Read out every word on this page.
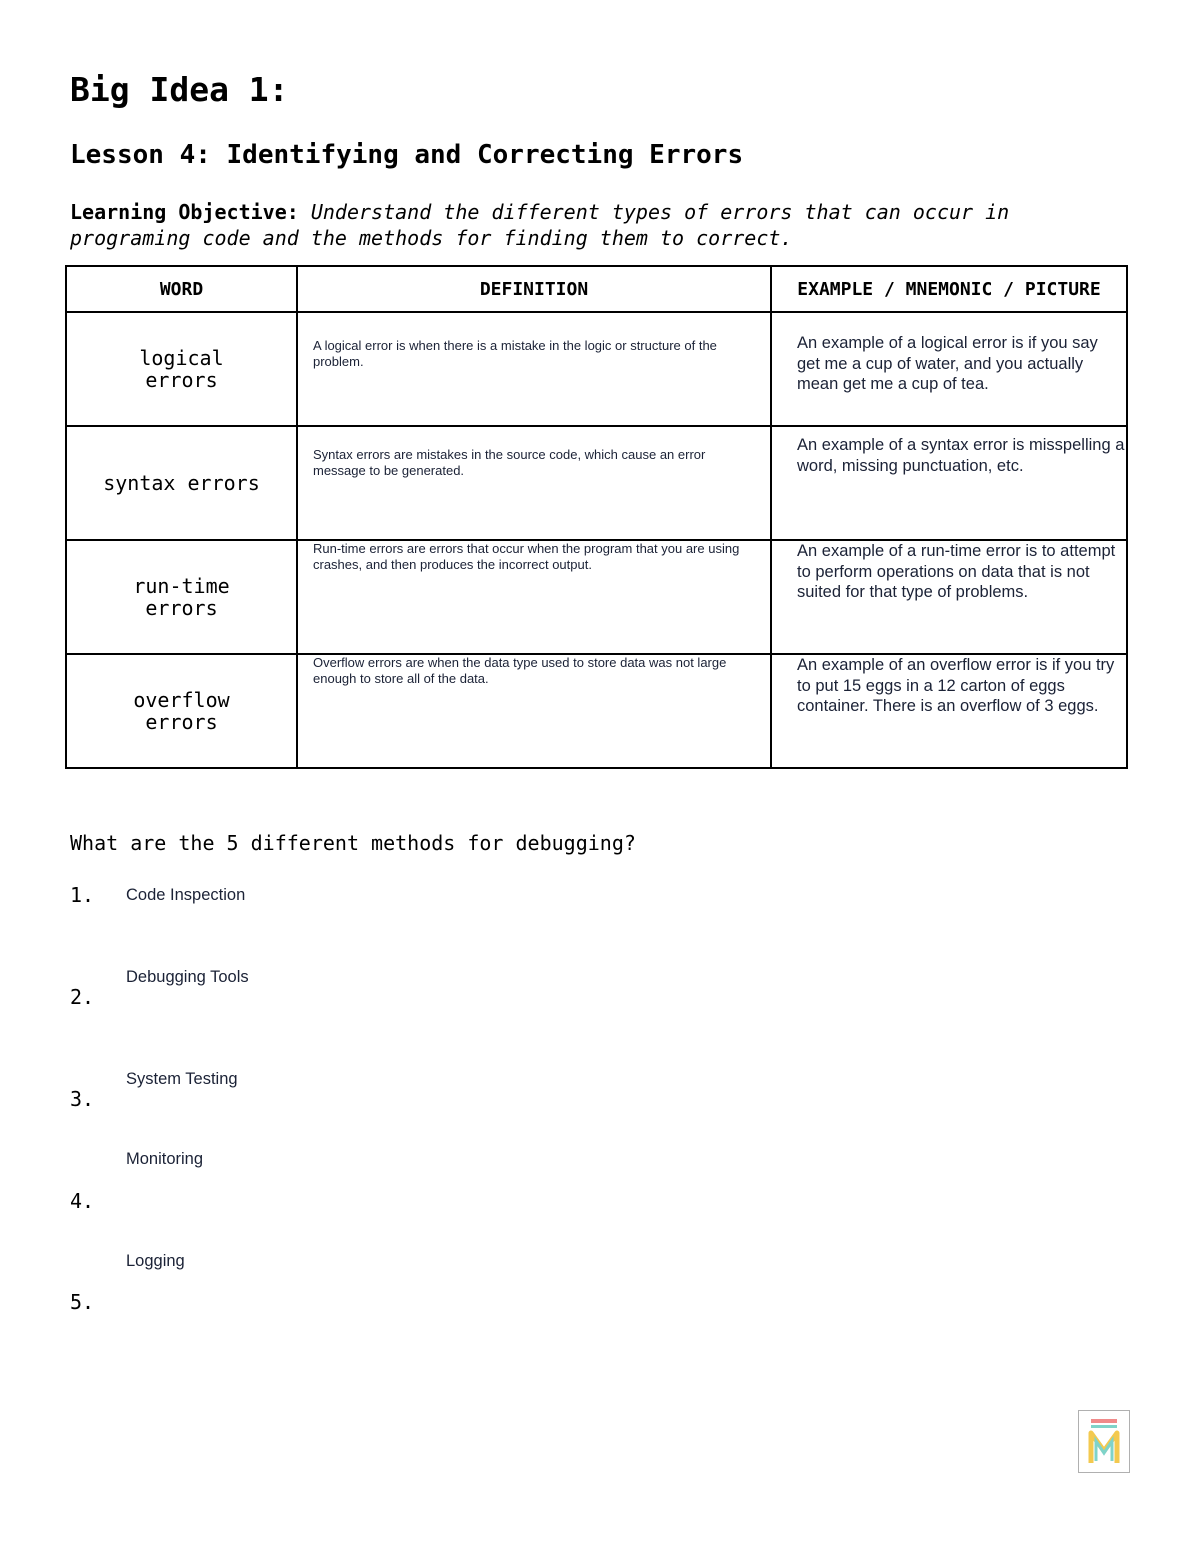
Big Idea 1:
Lesson 4: Identifying and Correcting Errors

Learning Objective: Understand the different types of errors that can occur in programing code and the methods for finding them to correct.

WORD	DEFINITION	EXAMPLE / MNEMONIC / PICTURE
logical errors	A logical error is when there is a mistake in the logic or structure of the problem.	An example of a logical error is if you say get me a cup of water, and you actually mean get me a cup of tea.

syntax errors	Syntax errors are mistakes in the source code, which cause an error message to be generated.	An example of a syntax error is misspelling a word, missing punctuation, etc.

run-time errors	Run-time errors are errors that occur when the program that you are using crashes, and then produces the incorrect output.	An example of a run-time error is to attempt to perform operations on data that is not suited for that type of problems.

overflow errors	Overflow errors are when the data type used to store data was not large enough to store all of the data.	An example of an overflow error is if you try to put 15 eggs in a 12 carton of eggs container. There is an overflow of 3 eggs.

What are the 5 different methods for debugging?

1. Code Inspection
2.
Debugging Tools
3.
System Testing
4.
Monitoring
5.
Logging
